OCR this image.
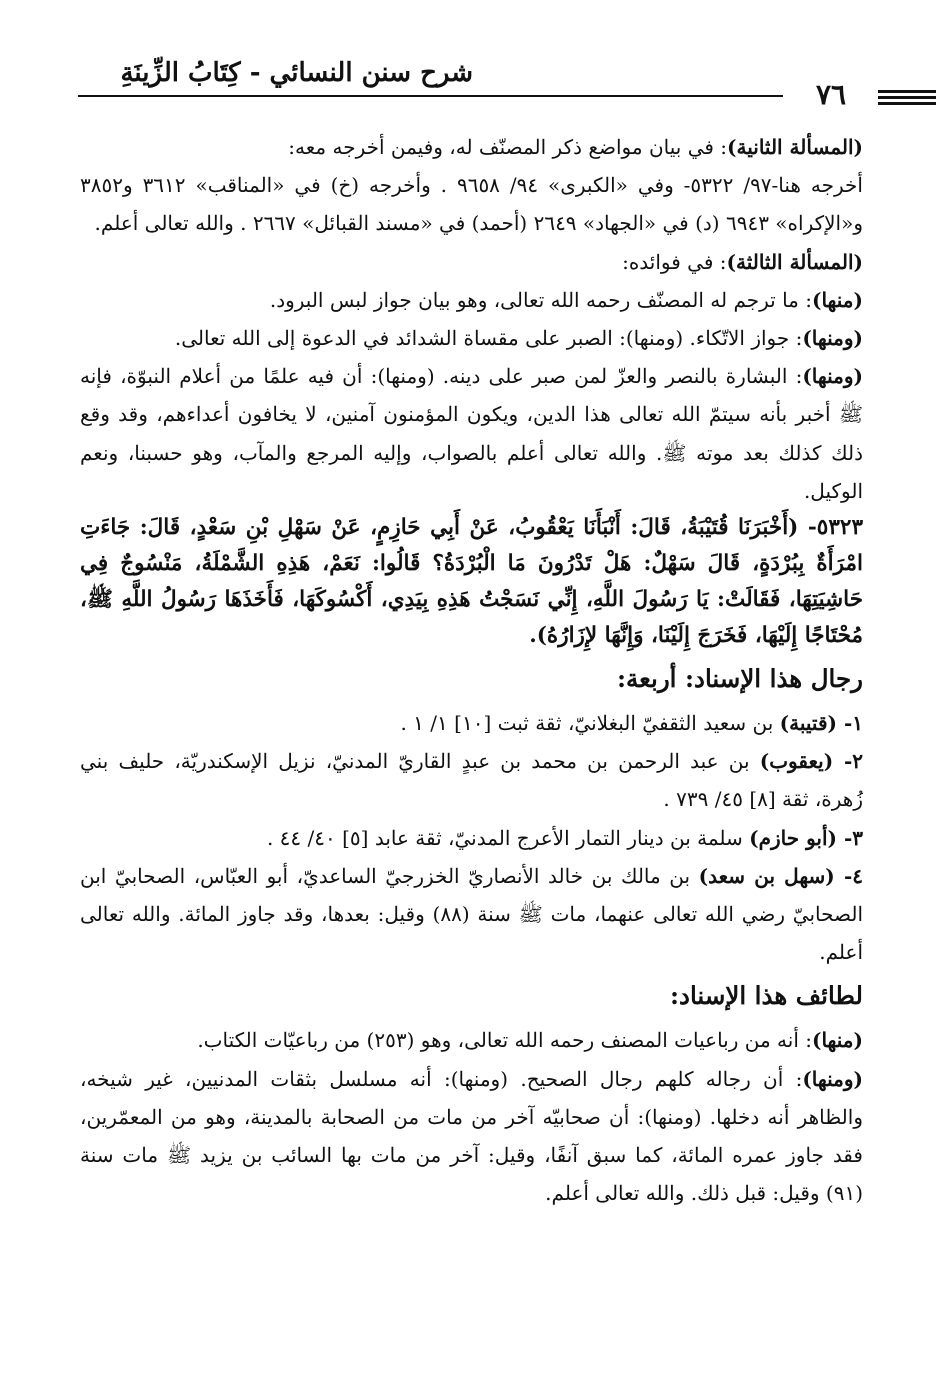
شرح سنن النسائي - كِتَابُ الزِّينَةِ
٧٦

(المسألة الثانية): في بيان مواضع ذكر المصنّف له، وفيمن أخرجه معه:

أخرجه هنا-٩٧/ ٥٣٢٢- وفي «الكبرى» ٩٤/ ٩٦٥٨ . وأخرجه (خ) في «المناقب» ٣٦١٢ و٣٨٥٢ و«الإكراه» ٦٩٤٣ (د) في «الجهاد» ٢٦٤٩ (أحمد) في «مسند القبائل» ٢٦٦٧ . والله تعالى أعلم.

(المسألة الثالثة): في فوائده:

(منها): ما ترجم له المصنّف رحمه الله تعالى، وهو بيان جواز لبس البرود.

(ومنها): جواز الاتّكاء. (ومنها): الصبر على مقساة الشدائد في الدعوة إلى الله تعالى.

(ومنها): البشارة بالنصر والعزّ لمن صبر على دينه. (ومنها): أن فيه علمًا من أعلام النبوّة، فإنه ﷺ أخبر بأنه سيتمّ الله تعالى هذا الدين، ويكون المؤمنون آمنين، لا يخافون أعداءهم، وقد وقع ذلك كذلك بعد موته ﷺ. والله تعالى أعلم بالصواب، وإليه المرجع والمآب، وهو حسبنا، ونعم الوكيل.

٥٣٢٣- (أَخْبَرَنَا قُتَيْبَةُ، قَالَ: أَنْبَأَنَا يَعْقُوبُ، عَنْ أَبِي حَازِمٍ، عَنْ سَهْلِ بْنِ سَعْدٍ، قَالَ: جَاءَتِ امْرَأَةٌ بِبُرْدَةٍ، قَالَ سَهْلٌ: هَلْ تَدْرُونَ مَا الْبُرْدَةُ؟ قَالُوا: نَعَمْ، هَذِهِ الشَّمْلَةُ، مَنْسُوجٌ فِي حَاشِيَتِهَا، فَقَالَتْ: يَا رَسُولَ اللَّهِ، إِنِّي نَسَجْتُ هَذِهِ بِيَدِي، أَكْسُوكَهَا، فَأَخَذَهَا رَسُولُ اللَّهِ ﷺ، مُحْتَاجًا إِلَيْهَا، فَخَرَجَ إِلَيْنَا، وَإِنَّهَا لإِزَارُهُ).

رجال هذا الإسناد: أربعة:

١- (قتيبة) بن سعيد الثقفيّ البغلانيّ، ثقة ثبت [١٠] ١/ ١ .

٢- (يعقوب) بن عبد الرحمن بن محمد بن عبدٍ القاريّ المدنيّ، نزيل الإسكندريّة، حليف بني زُهرة، ثقة [٨] ٤٥/ ٧٣٩ .

٣- (أبو حازم) سلمة بن دينار التمار الأعرج المدنيّ، ثقة عابد [٥] ٤٠/ ٤٤ .

٤- (سهل بن سعد) بن مالك بن خالد الأنصاريّ الخزرجيّ الساعديّ، أبو العبّاس، الصحابيّ ابن الصحابيّ رضي الله تعالى عنهما، مات ﷺ سنة (٨٨) وقيل: بعدها، وقد جاوز المائة. والله تعالى أعلم.

لطائف هذا الإسناد:

(منها): أنه من رباعيات المصنف رحمه الله تعالى، وهو (٢٥٣) من رباعيّات الكتاب.

(ومنها): أن رجاله كلهم رجال الصحيح. (ومنها): أنه مسلسل بثقات المدنيين، غير شيخه، والظاهر أنه دخلها. (ومنها): أن صحابيّه آخر من مات من الصحابة بالمدينة، وهو من المعمّرين، فقد جاوز عمره المائة، كما سبق آنفًا، وقيل: آخر من مات بها السائب بن يزيد ﷺ مات سنة (٩١) وقيل: قبل ذلك. والله تعالى أعلم.
